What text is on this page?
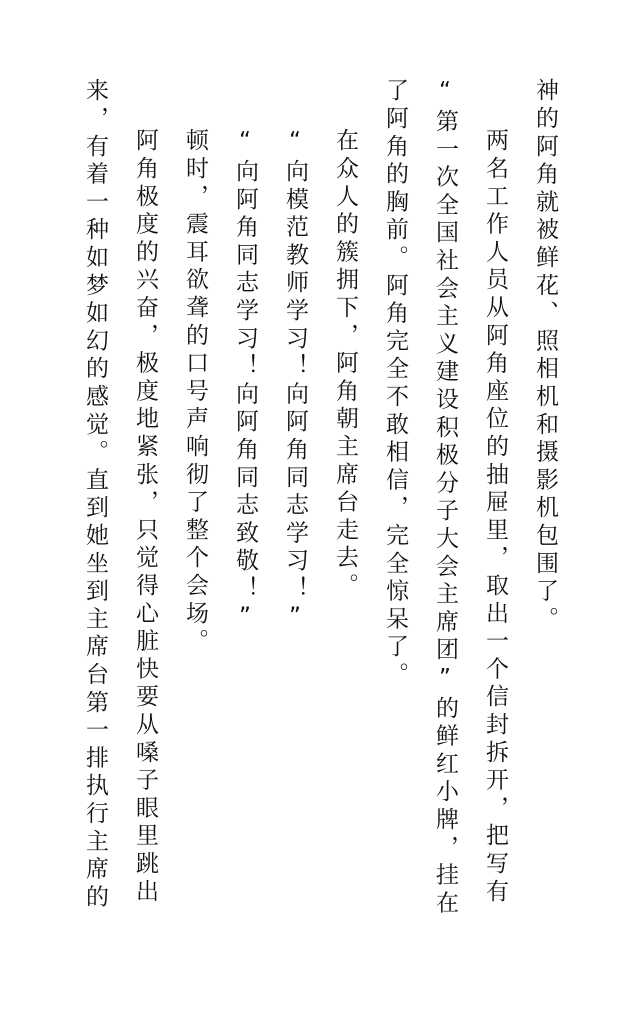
神的阿角就被鲜花、照相机和摄影机包围了。

两名工作人员从阿角座位的抽屉里，取出一个信封拆开，把写有

“第一次全国社会主义建设积极分子大会主席团”的鲜红小牌，挂在

了阿角的胸前。阿角完全不敢相信，完全惊呆了。

在众人的簇拥下，阿角朝主席台走去。

“向模范教师学习！向阿角同志学习！”

“向阿角同志学习！向阿角同志致敬！”

顿时，震耳欲聋的口号声响彻了整个会场。

阿角极度的兴奋，极度地紧张，只觉得心脏快要从嗓子眼里跳出

来，有着一种如梦如幻的感觉。直到她坐到主席台第一排执行主席的
